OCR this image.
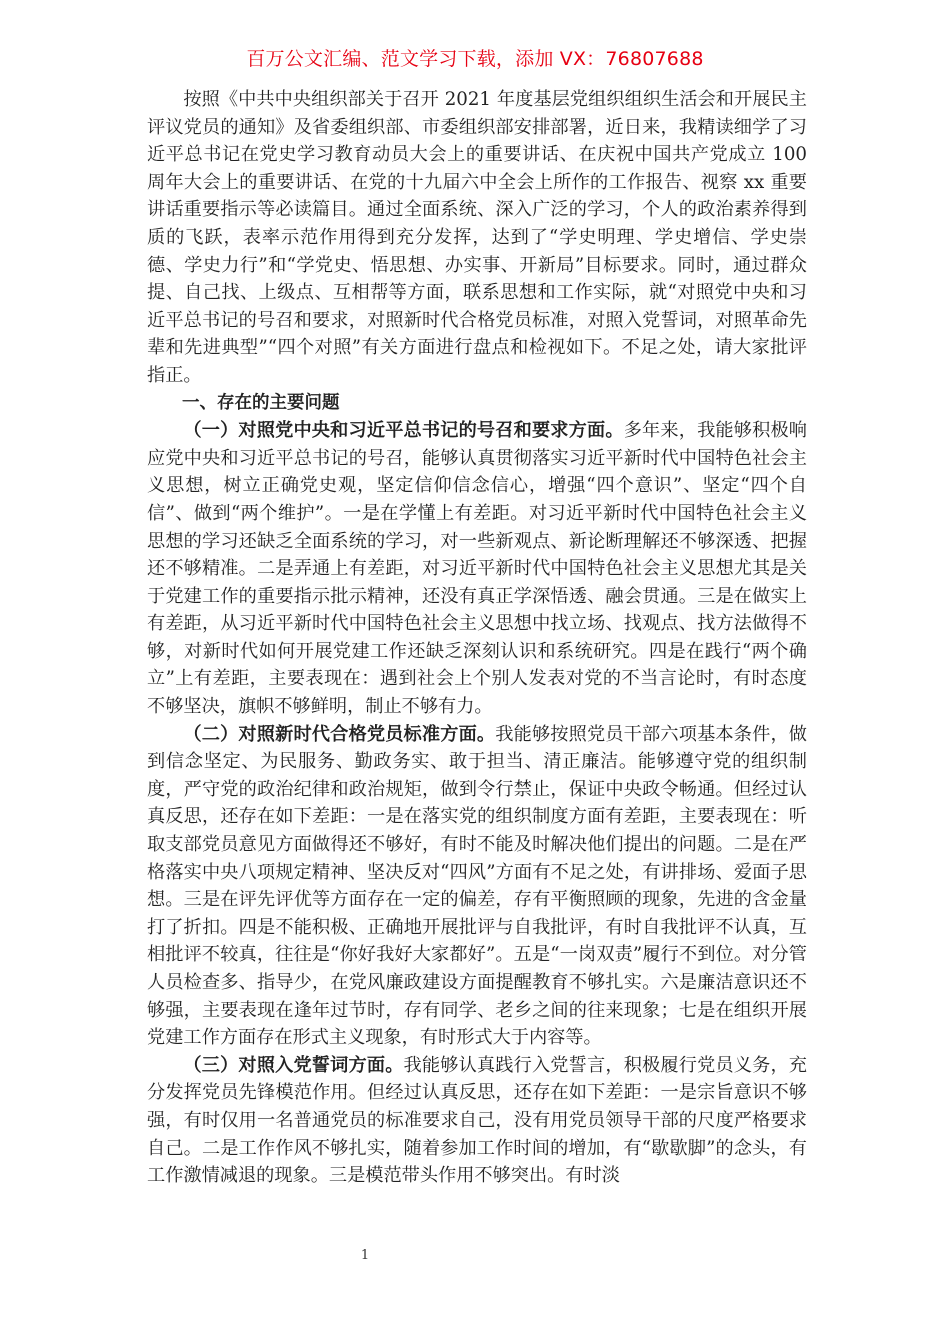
百万公文汇编、范文学习下载，添加 VX：76807688

按照《中共中央组织部关于召开 2021 年度基层党组织组织生活会和开展民主评议党员的通知》及省委组织部、市委组织部安排部署，近日来，我精读细学了习近平总书记在党史学习教育动员大会上的重要讲话、在庆祝中国共产党成立 100 周年大会上的重要讲话、在党的十九届六中全会上所作的工作报告、视察 xx 重要讲话重要指示等必读篇目。通过全面系统、深入广泛的学习，个人的政治素养得到质的飞跃，表率示范作用得到充分发挥，达到了“学史明理、学史增信、学史崇德、学史力行”和“学党史、悟思想、办实事、开新局”目标要求。同时，通过群众提、自己找、上级点、互相帮等方面，联系思想和工作实际，就“对照党中央和习近平总书记的号召和要求，对照新时代合格党员标准，对照入党誓词，对照革命先辈和先进典型”“四个对照”有关方面进行盘点和检视如下。不足之处，请大家批评指正。

一、存在的主要问题

（一）对照党中央和习近平总书记的号召和要求方面。多年来，我能够积极响应党中央和习近平总书记的号召，能够认真贯彻落实习近平新时代中国特色社会主义思想，树立正确党史观，坚定信仰信念信心，增强“四个意识”、坚定“四个自信”、做到“两个维护”。一是在学懂上有差距。对习近平新时代中国特色社会主义思想的学习还缺乏全面系统的学习，对一些新观点、新论断理解还不够深透、把握还不够精准。二是弄通上有差距，对习近平新时代中国特色社会主义思想尤其是关于党建工作的重要指示批示精神，还没有真正学深悟透、融会贯通。三是在做实上有差距，从习近平新时代中国特色社会主义思想中找立场、找观点、找方法做得不够，对新时代如何开展党建工作还缺乏深刻认识和系统研究。四是在践行“两个确立”上有差距，主要表现在：遇到社会上个别人发表对党的不当言论时，有时态度不够坚决，旗帜不够鲜明，制止不够有力。

（二）对照新时代合格党员标准方面。我能够按照党员干部六项基本条件，做到信念坚定、为民服务、勤政务实、敢于担当、清正廉洁。能够遵守党的组织制度，严守党的政治纪律和政治规矩，做到令行禁止，保证中央政令畅通。但经过认真反思，还存在如下差距：一是在落实党的组织制度方面有差距，主要表现在：听取支部党员意见方面做得还不够好，有时不能及时解决他们提出的问题。二是在严格落实中央八项规定精神、坚决反对“四风”方面有不足之处，有讲排场、爱面子思想。三是在评先评优等方面存在一定的偏差，存有平衡照顾的现象，先进的含金量打了折扣。四是不能积极、正确地开展批评与自我批评，有时自我批评不认真，互相批评不较真，往往是“你好我好大家都好”。五是“一岗双责”履行不到位。对分管人员检查多、指导少，在党风廉政建设方面提醒教育不够扎实。六是廉洁意识还不够强，主要表现在逢年过节时，存有同学、老乡之间的往来现象；七是在组织开展党建工作方面存在形式主义现象，有时形式大于内容等。

（三）对照入党誓词方面。我能够认真践行入党誓言，积极履行党员义务，充分发挥党员先锋模范作用。但经过认真反思，还存在如下差距：一是宗旨意识不够强，有时仅用一名普通党员的标准要求自己，没有用党员领导干部的尺度严格要求自己。二是工作作风不够扎实，随着参加工作时间的增加，有“歇歇脚”的念头，有工作激情减退的现象。三是模范带头作用不够突出。有时淡

1
